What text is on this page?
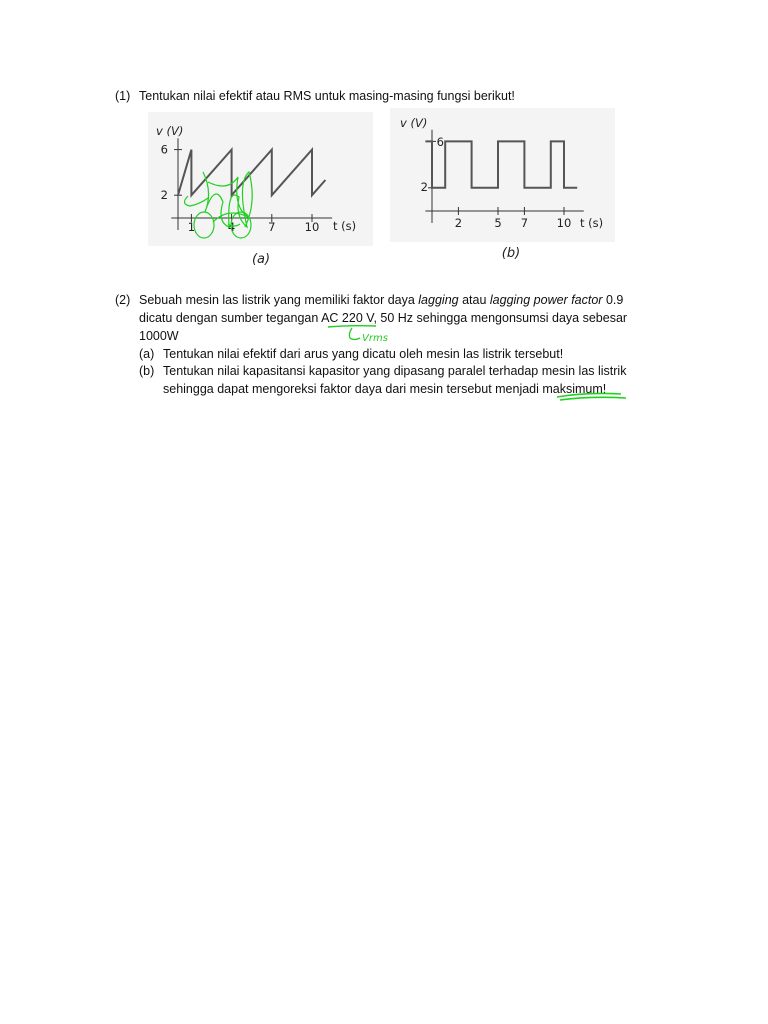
(1) Tentukan nilai efektif atau RMS untuk masing-masing fungsi berikut!
1	4	7	10
6
2
v (V)
t (s)
(a)
2	5 7 10
6
2
v (V)
t (s)
(b)
(2) Sebuah mesin las listrik yang memiliki faktor daya lagging atau lagging power factor 0.9
dicatu dengan sumber tegangan AC 220 V, 50 Hz sehingga mengonsumsi daya sebesar
1000W
(a) Tentukan nilai efektif dari arus yang dicatu oleh mesin las listrik tersebut!
(b) Tentukan nilai kapasitansi kapasitor yang dipasang paralel terhadap mesin las listrik
sehingga dapat mengoreksi faktor daya dari mesin tersebut menjadi maksimum!
Vrms
